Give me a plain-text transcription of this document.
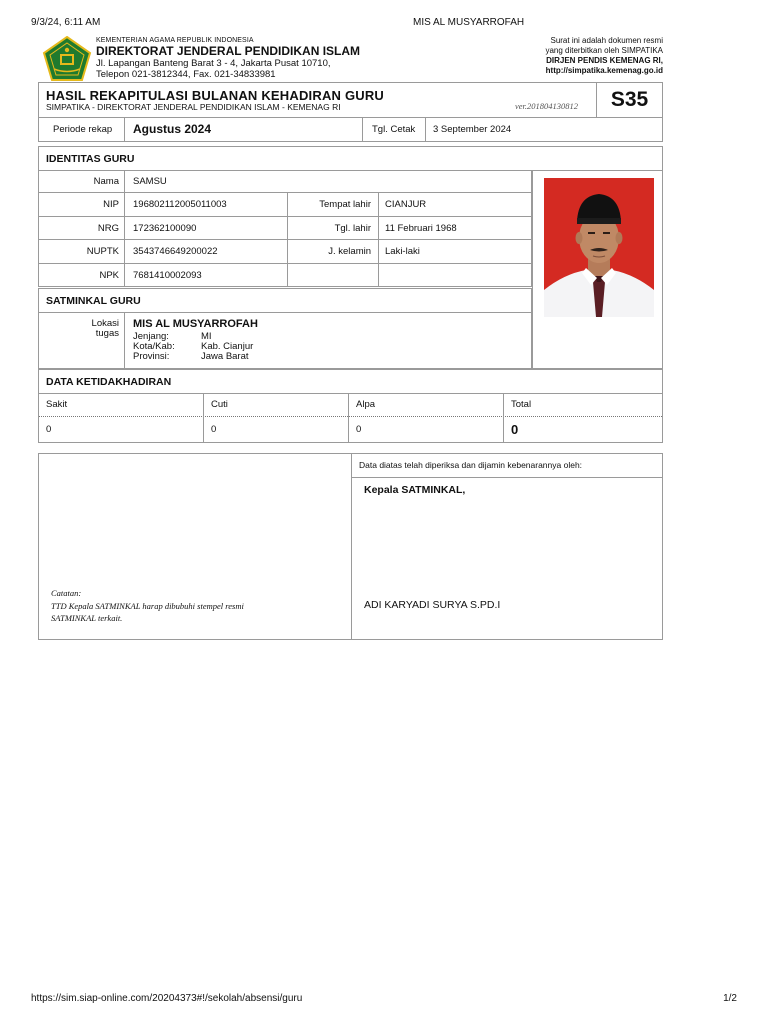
9/3/24, 6:11 AM	MIS AL MUSYARROFAH
KEMENTERIAN AGAMA REPUBLIK INDONESIA
DIREKTORAT JENDERAL PENDIDIKAN ISLAM
Jl. Lapangan Banteng Barat 3 - 4, Jakarta Pusat 10710,
Telepon 021-3812344, Fax. 021-34833981
Surat ini adalah dokumen resmi
yang diterbitkan oleh SIMPATIKA
DIRJEN PENDIS KEMENAG RI,
http://simpatika.kemenag.go.id
HASIL REKAPITULASI BULANAN KEHADIRAN GURU
SIMPATIKA - DIREKTORAT JENDERAL PENDIDIKAN ISLAM - KEMENAG RI	ver.201804130812	S35
Periode rekap Agustus 2024	Tgl. Cetak 3 September 2024
IDENTITAS GURU
Nama SAMSU
NIP 196802112005011003	Tempat lahir CIANJUR
NRG 172362100090	Tgl. lahir 11 Februari 1968
NUPTK 3543746649200022	J. kelamin Laki-laki
NPK 7681410002093
SATMINKAL GURU
Lokasi
tugas
MIS AL MUSYARROFAH
Jenjang:	MI
Kota/Kab:	Kab. Cianjur
Provinsi:	Jawa Barat
DATA KETIDAKHADIRAN
Sakit	Cuti	Alpa	Total
0	0	0	0
Catatan:
TTD Kepala SATMINKAL harap dibubuhi stempel resmi
SATMINKAL terkait.
Data diatas telah diperiksa dan dijamin kebenarannya oleh:
Kepala SATMINKAL,
ADI KARYADI SURYA S.PD.I
https://sim.siap-online.com/20204373#!/sekolah/absensi/guru	1/2
